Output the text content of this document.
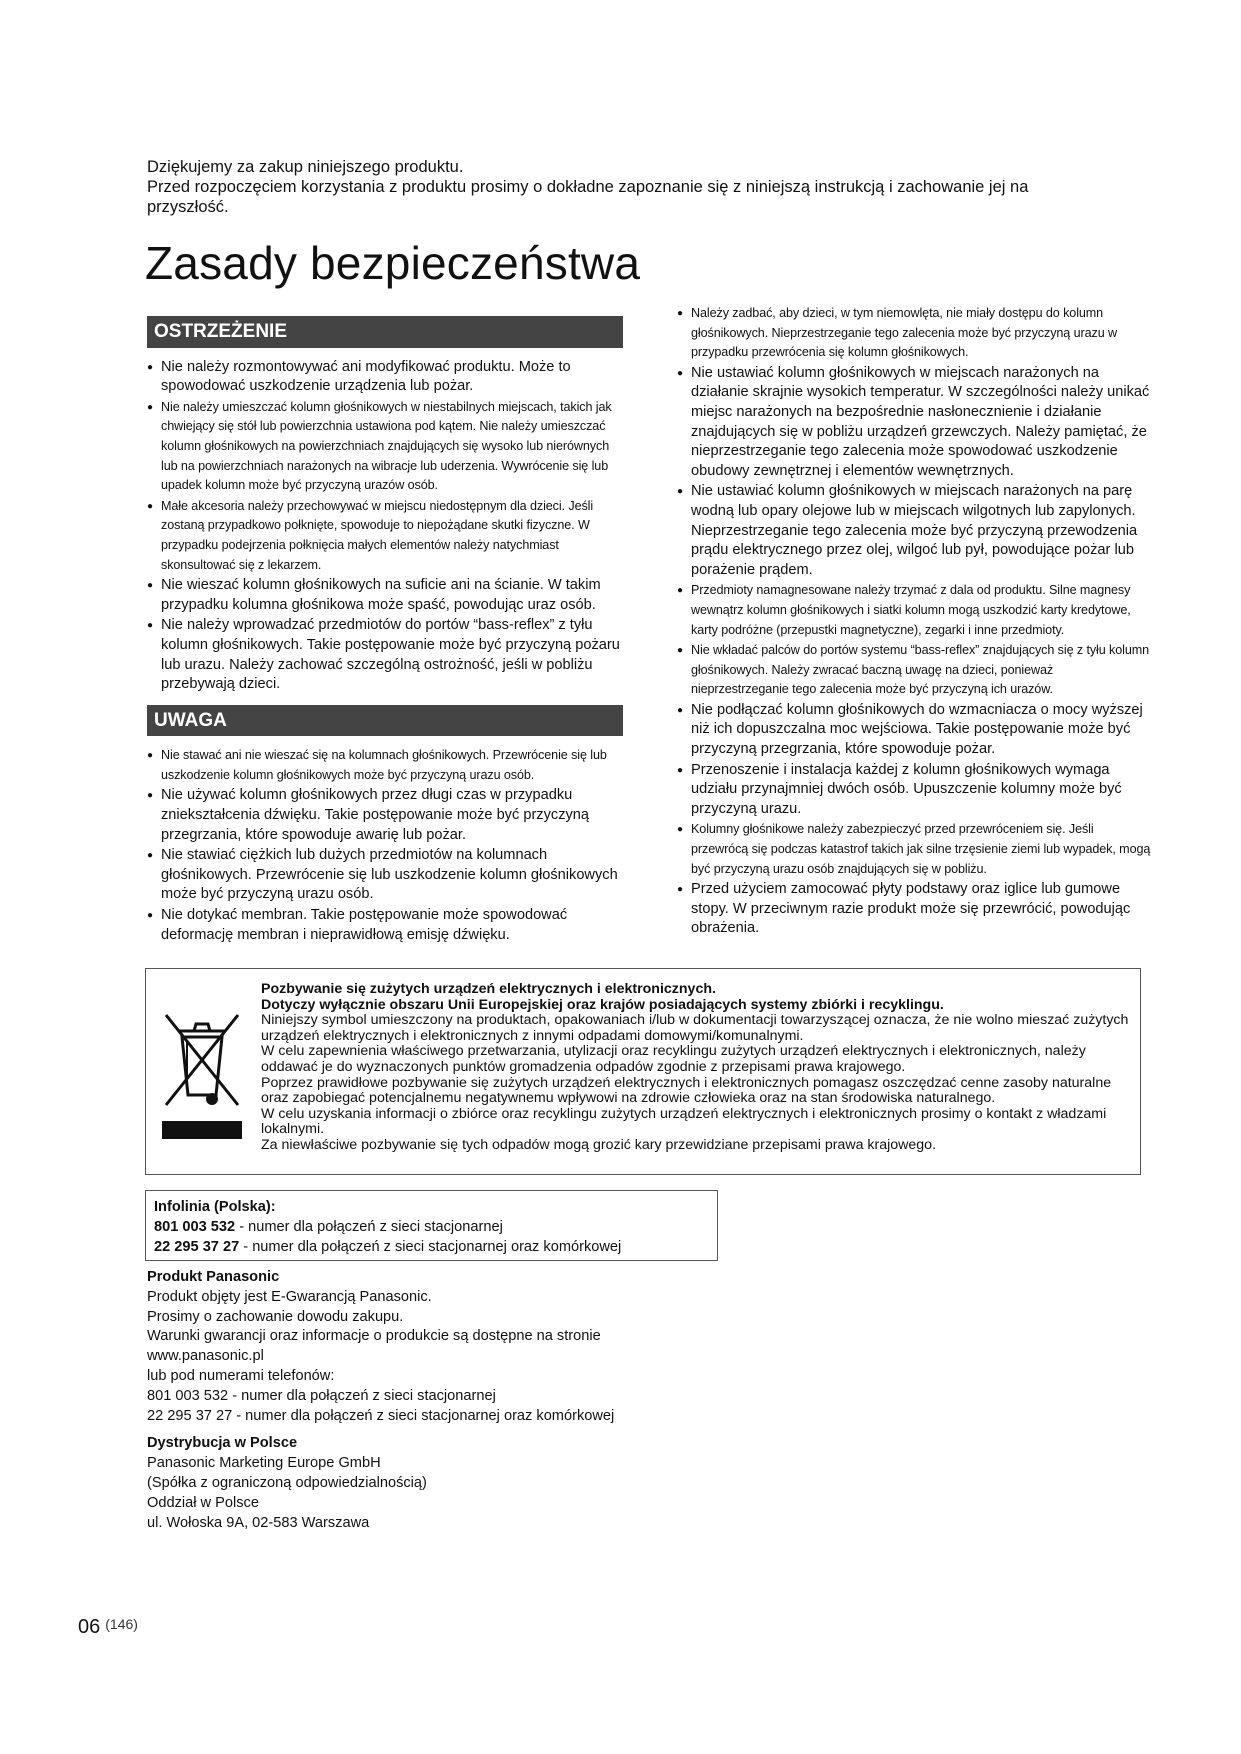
Dziękujemy za zakup niniejszego produktu.

Przed rozpoczęciem korzystania z produktu prosimy o dokładne zapoznanie się z niniejszą instrukcją i zachowanie jej na przyszłość.

Zasady bezpieczeństwa
OSTRZEŻENIE
● Nie należy rozmontowywać ani modyfikować produktu. Może to spowodować uszkodzenie urządzenia lub pożar.
● Nie należy umieszczać kolumn głośnikowych w niestabilnych miejscach, takich jak chwiejący się stół lub powierzchnia ustawiona pod kątem. Nie należy umieszczać kolumn głośnikowych na powierzchniach znajdujących się wysoko lub nierównych lub na powierzchniach narażonych na wibracje lub uderzenia. Wywrócenie się lub upadek kolumn może być przyczyną urazów osób.
● Małe akcesoria należy przechowywać w miejscu niedostępnym dla dzieci. Jeśli zostaną przypadkowo połknięte, spowoduje to niepożądane skutki fizyczne. W przypadku podejrzenia połknięcia małych elementów należy natychmiast skonsultować się z lekarzem.
● Nie wieszać kolumn głośnikowych na suficie ani na ścianie. W takim przypadku kolumna głośnikowa może spaść, powodując uraz osób.
● Nie należy wprowadzać przedmiotów do portów “bass-reflex” z tyłu kolumn głośnikowych. Takie postępowanie może być przyczyną pożaru lub urazu. Należy zachować szczególną ostrożność, jeśli w pobliżu przebywają dzieci.
UWAGA
● Nie stawać ani nie wieszać się na kolumnach głośnikowych. Przewrócenie się lub uszkodzenie kolumn głośnikowych może być przyczyną urazu osób.
● Nie używać kolumn głośnikowych przez długi czas w przypadku zniekształcenia dźwięku. Takie postępowanie może być przyczyną przegrzania, które spowoduje awarię lub pożar.
● Nie stawiać ciężkich lub dużych przedmiotów na kolumnach głośnikowych. Przewrócenie się lub uszkodzenie kolumn głośnikowych może być przyczyną urazu osób.
● Nie dotykać membran. Takie postępowanie może spowodować deformację membran i nieprawidłową emisję dźwięku.
● Należy zadbać, aby dzieci, w tym niemowlęta, nie miały dostępu do kolumn głośnikowych. Nieprzestrzeganie tego zalecenia może być przyczyną urazu w przypadku przewrócenia się kolumn głośnikowych.
● Nie ustawiać kolumn głośnikowych w miejscach narażonych na działanie skrajnie wysokich temperatur. W szczególności należy unikać miejsc narażonych na bezpośrednie nasłonecznienie i działanie znajdujących się w pobliżu urządzeń grzewczych. Należy pamiętać, że nieprzestrzeganie tego zalecenia może spowodować uszkodzenie obudowy zewnętrznej i elementów wewnętrznych.
● Nie ustawiać kolumn głośnikowych w miejscach narażonych na parę wodną lub opary olejowe lub w miejscach wilgotnych lub zapylonych. Nieprzestrzeganie tego zalecenia może być przyczyną przewodzenia prądu elektrycznego przez olej, wilgoć lub pył, powodujące pożar lub porażenie prądem.
● Przedmioty namagnesowane należy trzymać z dala od produktu. Silne magnesy wewnątrz kolumn głośnikowych i siatki kolumn mogą uszkodzić karty kredytowe, karty podróżne (przepustki magnetyczne), zegarki i inne przedmioty.
● Nie wkładać palców do portów systemu “bass-reflex” znajdujących się z tyłu kolumn głośnikowych. Należy zwracać baczną uwagę na dzieci, ponieważ nieprzestrzeganie tego zalecenia może być przyczyną ich urazów.
● Nie podłączać kolumn głośnikowych do wzmacniacza o mocy wyższej niż ich dopuszczalna moc wejściowa. Takie postępowanie może być przyczyną przegrzania, które spowoduje pożar.
● Przenoszenie i instalacja każdej z kolumn głośnikowych wymaga udziału przynajmniej dwóch osób. Upuszczenie kolumny może być przyczyną urazu.
● Kolumny głośnikowe należy zabezpieczyć przed przewróceniem się. Jeśli przewrócą się podczas katastrof takich jak silne trzęsienie ziemi lub wypadek, mogą być przyczyną urazu osób znajdujących się w pobliżu.
● Przed użyciem zamocować płyty podstawy oraz iglice lub gumowe stopy. W przeciwnym razie produkt może się przewrócić, powodując obrażenia.

Pozbywanie się zużytych urządzeń elektrycznych i elektronicznych.

Dotyczy wyłącznie obszaru Unii Europejskiej oraz krajów posiadających systemy zbiórki i recyklingu.

Niniejszy symbol umieszczony na produktach, opakowaniach i/lub w dokumentacji towarzyszącej oznacza, że nie wolno mieszać zużytych urządzeń elektrycznych i elektronicznych z innymi odpadami domowymi/komunalnymi.

W celu zapewnienia właściwego przetwarzania, utylizacji oraz recyklingu zużytych urządzeń elektrycznych i elektronicznych, należy oddawać je do wyznaczonych punktów gromadzenia odpadów zgodnie z przepisami prawa krajowego.

Poprzez prawidłowe pozbywanie się zużytych urządzeń elektrycznych i elektronicznych pomagasz oszczędzać cenne zasoby naturalne oraz zapobiegać potencjalnemu negatywnemu wpływowi na zdrowie człowieka oraz na stan środowiska naturalnego.

W celu uzyskania informacji o zbiórce oraz recyklingu zużytych urządzeń elektrycznych i elektronicznych prosimy o kontakt z władzami lokalnymi.

Za niewłaściwe pozbywanie się tych odpadów mogą grozić kary przewidziane przepisami prawa krajowego.

Infolinia (Polska):

801 003 532 - numer dla połączeń z sieci stacjonarnej

22 295 37 27 - numer dla połączeń z sieci stacjonarnej oraz komórkowej

Produkt Panasonic

Produkt objęty jest E-Gwarancją Panasonic.

Prosimy o zachowanie dowodu zakupu.

Warunki gwarancji oraz informacje o produkcie są dostępne na stronie

www.panasonic.pl

lub pod numerami telefonów:

801 003 532 - numer dla połączeń z sieci stacjonarnej

22 295 37 27 - numer dla połączeń z sieci stacjonarnej oraz komórkowej

Dystrybucja w Polsce

Panasonic Marketing Europe GmbH

(Spółka z ograniczoną odpowiedzialnością)

Oddział w Polsce

ul. Wołoska 9A, 02-583 Warszawa

06 $^{(146)}$
